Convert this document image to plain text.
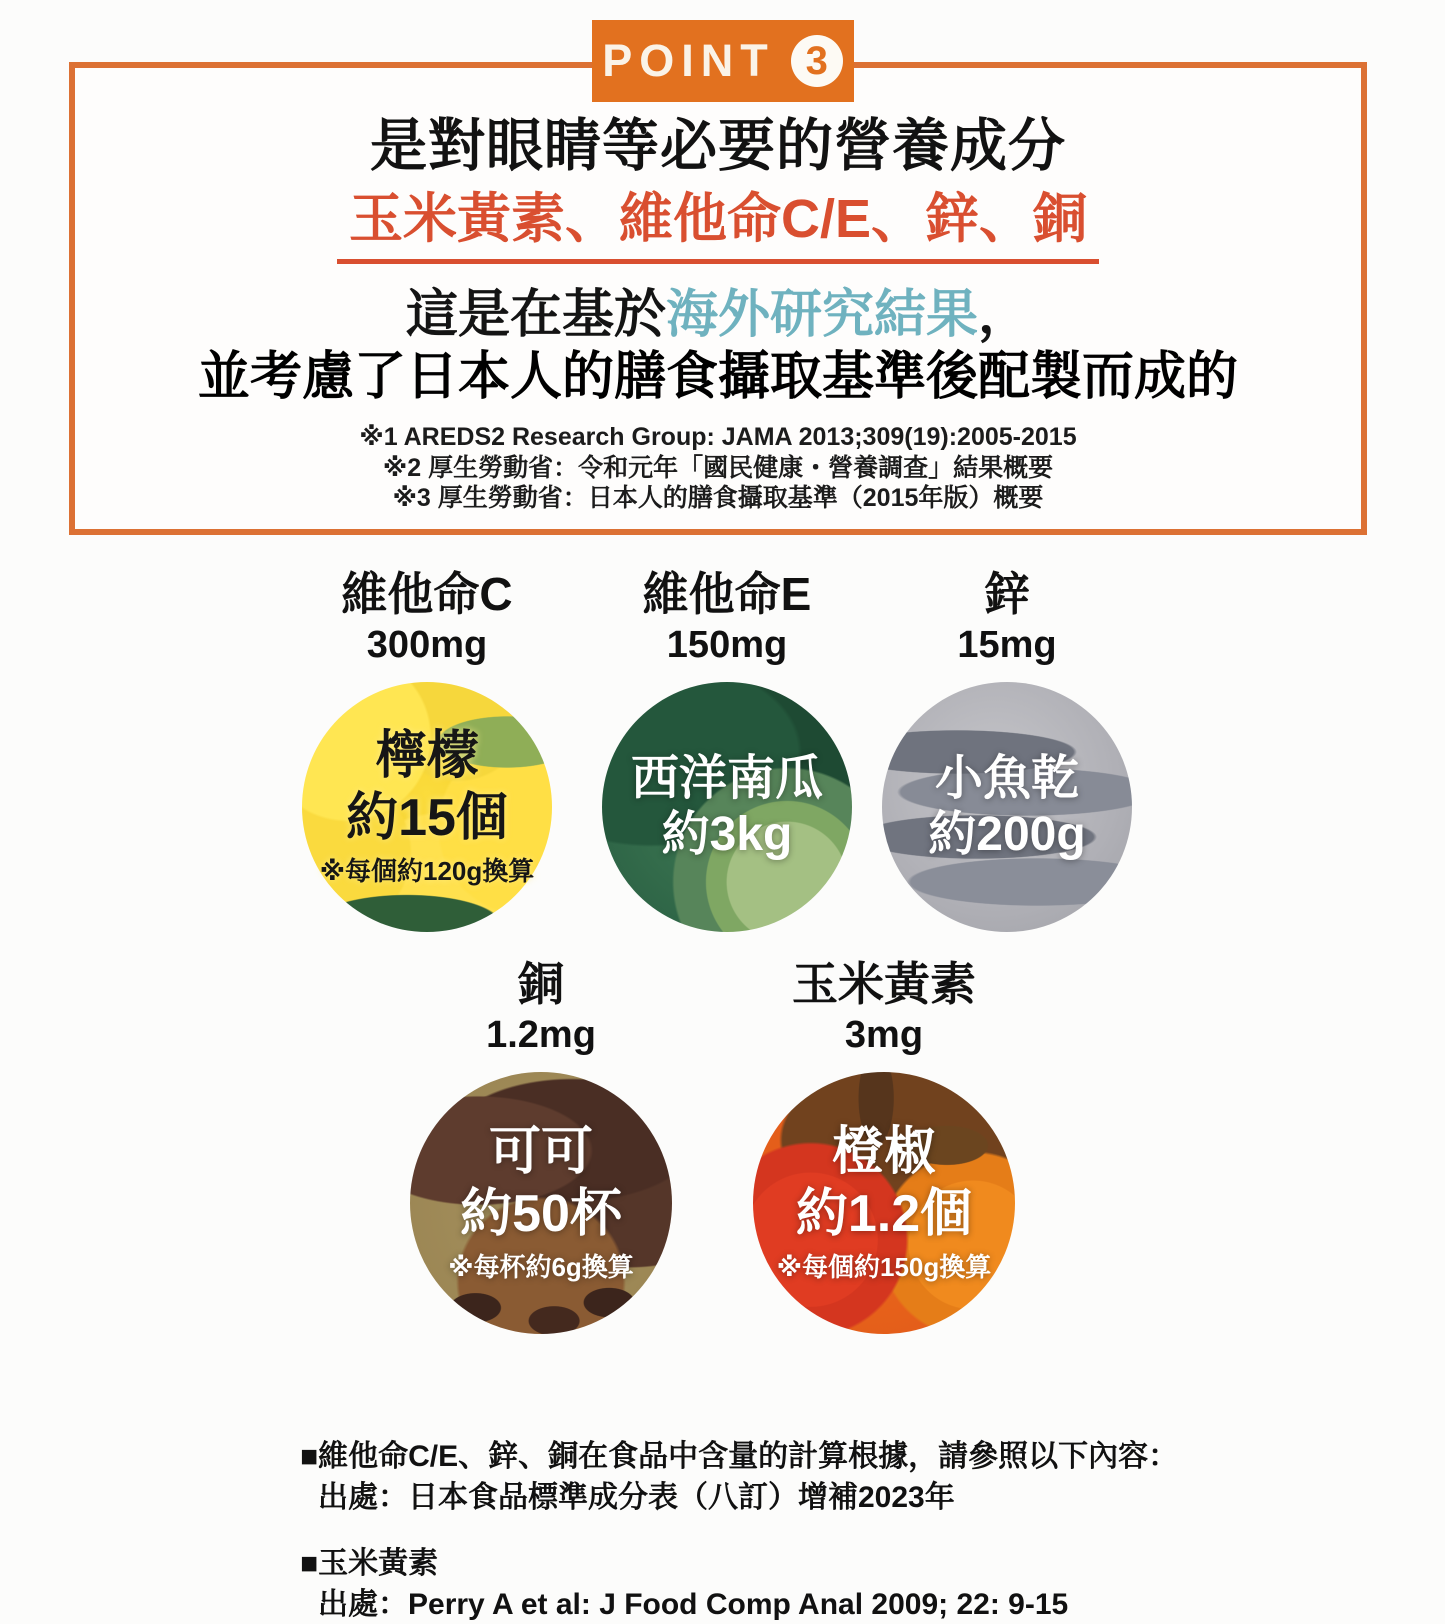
POINT 3
是對眼睛等必要的營養成分
玉米黃素、維他命C/E、鋅、銅
這是在基於海外研究結果，
並考慮了日本人的膳食攝取基準後配製而成的
※1 AREDS2 Research Group: JAMA 2013;309(19):2005-2015
※2 厚生勞動省：令和元年「國民健康・營養調查」結果概要
※3 厚生勞動省：日本人的膳食攝取基準（2015年版）概要
維他命C
300mg
檸檬
約15個
※每個約120g換算
維他命E
150mg
西洋南瓜
約3kg
鋅
15mg
小魚乾
約200g
銅
1.2mg
可可
約50杯
※每杯約6g換算
玉米黃素
3mg
橙椒
約1.2個
※每個約150g換算
■維他命C/E、鋅、銅在食品中含量的計算根據，請參照以下內容：
出處：日本食品標準成分表（八訂）增補2023年
■玉米黃素
出處：Perry A et al: J Food Comp Anal 2009; 22: 9-15
